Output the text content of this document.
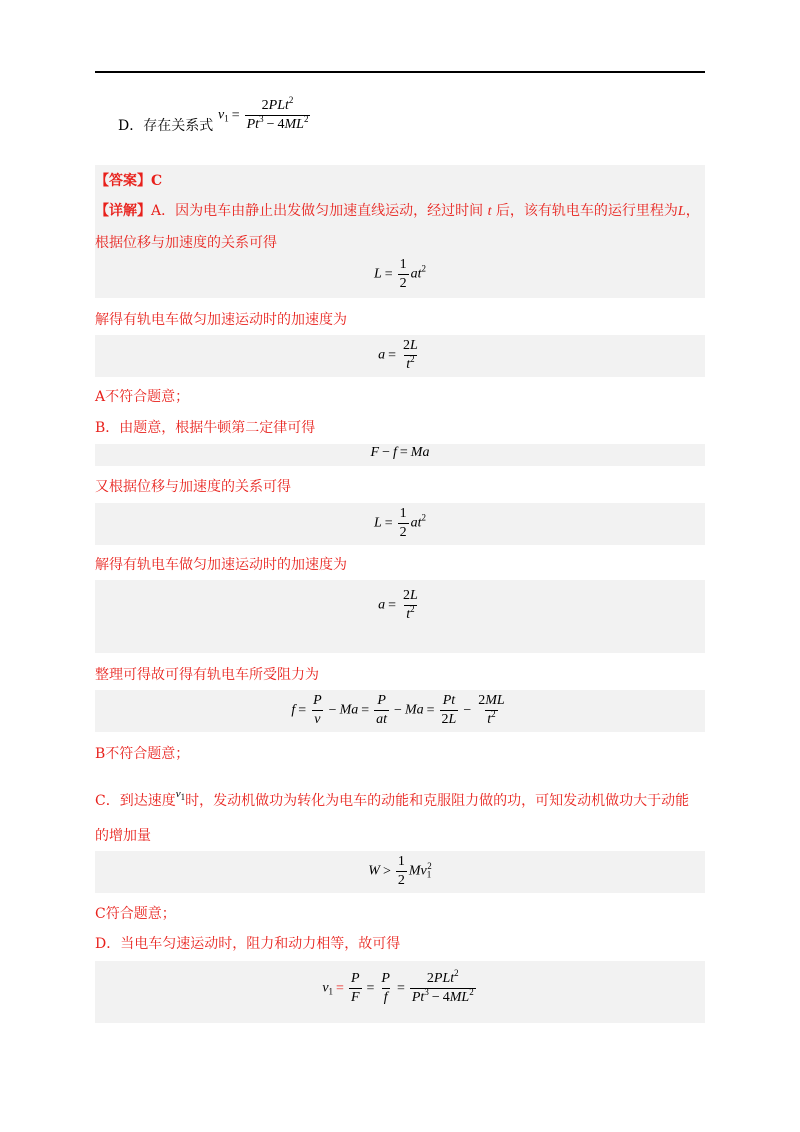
D．存在关系式
$v_1 = \frac{2PLt^2}{Pt^3 - 4ML^2}$
【答案】C
【详解】A．因为电车由静止出发做匀加速直线运动，经过时间 t 后，该有轨电车的运行里程为L，
根据位移与加速度的关系可得
$L = \frac{1}{2} at^2$
解得有轨电车做匀加速运动时的加速度为
$a = \frac{2L}{t^2}$
A不符合题意；
B．由题意，根据牛顿第二定律可得
F − f = Ma
又根据位移与加速度的关系可得
$L = \frac{1}{2} at^2$
解得有轨电车做匀加速运动时的加速度为
$a = \frac{2L}{t^2}$
整理可得故可得有轨电车所受阻力为
$f = \frac{P}{v} - Ma = \frac{P}{at} - Ma = \frac{Pt}{2L} - \frac{2ML}{t^2}$
B不符合题意；
C．到达速度$^{v_1}$时，发动机做功为转化为电车的动能和克服阻力做的功，可知发动机做功大于动能
的增加量
$W > \frac{1}{2} Mv_1^2$
C符合题意；
D．当电车匀速运动时，阻力和动力相等，故可得
$v_1 = \frac{P}{F} = \frac{P}{f} = \frac{2PLt^2}{Pt^3 - 4ML^2}$
